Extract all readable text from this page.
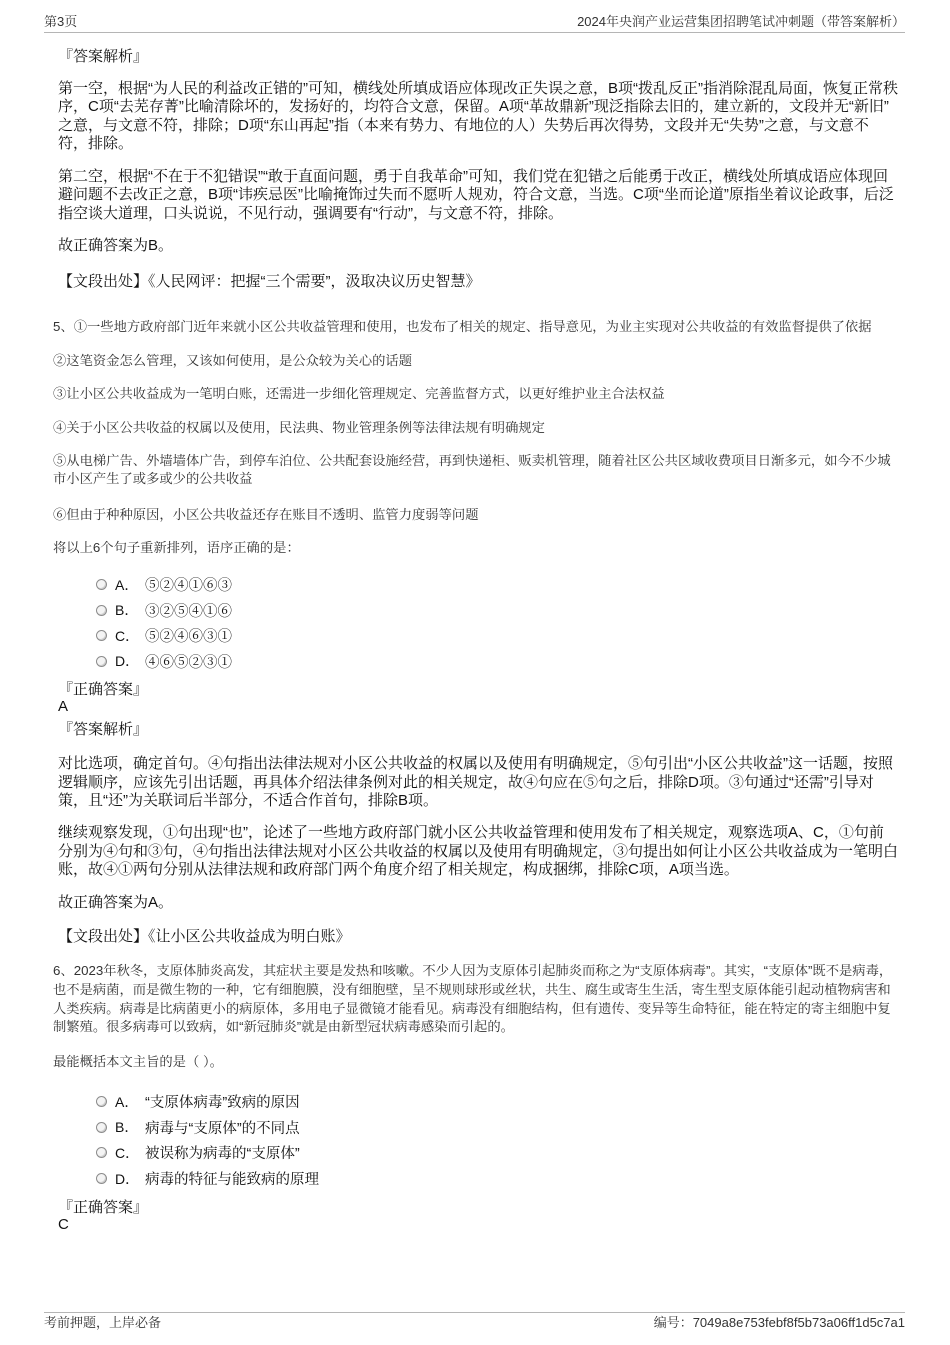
第3页	2024年央润产业运营集团招聘笔试冲刺题（带答案解析）
『答案解析』
第一空，根据“为人民的利益改正错的”可知，横线处所填成语应体现改正失误之意，B项“拨乱反正”指消除混乱局面，恢复正常秩序，C项“去芜存菁”比喻清除坏的，发扬好的，均符合文意，保留。A项“革故鼎新”现泛指除去旧的，建立新的，文段并无“新旧”之意，与文意不符，排除；D项“东山再起”指（本来有势力、有地位的人）失势后再次得势，文段并无“失势”之意，与文意不符，排除。
第二空，根据“不在于不犯错误”“敢于直面问题，勇于自我革命”可知，我们党在犯错之后能勇于改正，横线处所填成语应体现回避问题不去改正之意，B项“讳疾忌医”比喻掩饰过失而不愿听人规劝，符合文意，当选。C项“坐而论道”原指坐着议论政事，后泛指空谈大道理，口头说说，不见行动，强调要有“行动”，与文意不符，排除。
故正确答案为B。
【文段出处】《人民网评：把握“三个需要”，汲取决议历史智慧》
5、①一些地方政府部门近年来就小区公共收益管理和使用，也发布了相关的规定、指导意见，为业主实现对公共收益的有效监督提供了依据
②这笔资金怎么管理，又该如何使用，是公众较为关心的话题
③让小区公共收益成为一笔明白账，还需进一步细化管理规定、完善监督方式，以更好维护业主合法权益
④关于小区公共收益的权属以及使用，民法典、物业管理条例等法律法规有明确规定
⑤从电梯广告、外墙墙体广告，到停车泊位、公共配套设施经营，再到快递柜、贩卖机管理，随着社区公共区域收费项目日渐多元，如今不少城市小区产生了或多或少的公共收益
⑥但由于种种原因，小区公共收益还存在账目不透明、监管力度弱等问题
将以上6个句子重新排列，语序正确的是：
A． ⑤②④①⑥③
B． ③②⑤④①⑥
C． ⑤②④⑥③①
D． ④⑥⑤②③①
『正确答案』
A
『答案解析』
对比选项，确定首句。④句指出法律法规对小区公共收益的权属以及使用有明确规定，⑤句引出“小区公共收益”这一话题，按照逻辑顺序，应该先引出话题，再具体介绍法律条例对此的相关规定，故④句应在⑤句之后，排除D项。③句通过“还需”引导对策，且“还”为关联词后半部分，不适合作首句，排除B项。
继续观察发现，①句出现“也”，论述了一些地方政府部门就小区公共收益管理和使用发布了相关规定，观察选项A、C，①句前分别为④句和③句，④句指出法律法规对小区公共收益的权属以及使用有明确规定，③句提出如何让小区公共收益成为一笔明白账，故④①两句分别从法律法规和政府部门两个角度介绍了相关规定，构成捆绑，排除C项，A项当选。
故正确答案为A。
【文段出处】《让小区公共收益成为明白账》
6、2023年秋冬，支原体肺炎高发，其症状主要是发热和咳嗽。不少人因为支原体引起肺炎而称之为“支原体病毒”。其实，“支原体”既不是病毒，也不是病菌，而是微生物的一种，它有细胞膜，没有细胞壁，呈不规则球形或丝状，共生、腐生或寄生生活，寄生型支原体能引起动植物病害和人类疾病。病毒是比病菌更小的病原体，多用电子显微镜才能看见。病毒没有细胞结构，但有遗传、变异等生命特征，能在特定的寄主细胞中复制繁殖。很多病毒可以致病，如“新冠肺炎”就是由新型冠状病毒感染而引起的。
最能概括本文主旨的是（ ）。
A． “支原体病毒”致病的原因
B． 病毒与“支原体”的不同点
C． 被误称为病毒的“支原体”
D． 病毒的特征与能致病的原理
『正确答案』
C
考前押题，上岸必备	编号：7049a8e753febf8f5b73a06ff1d5c7a1
